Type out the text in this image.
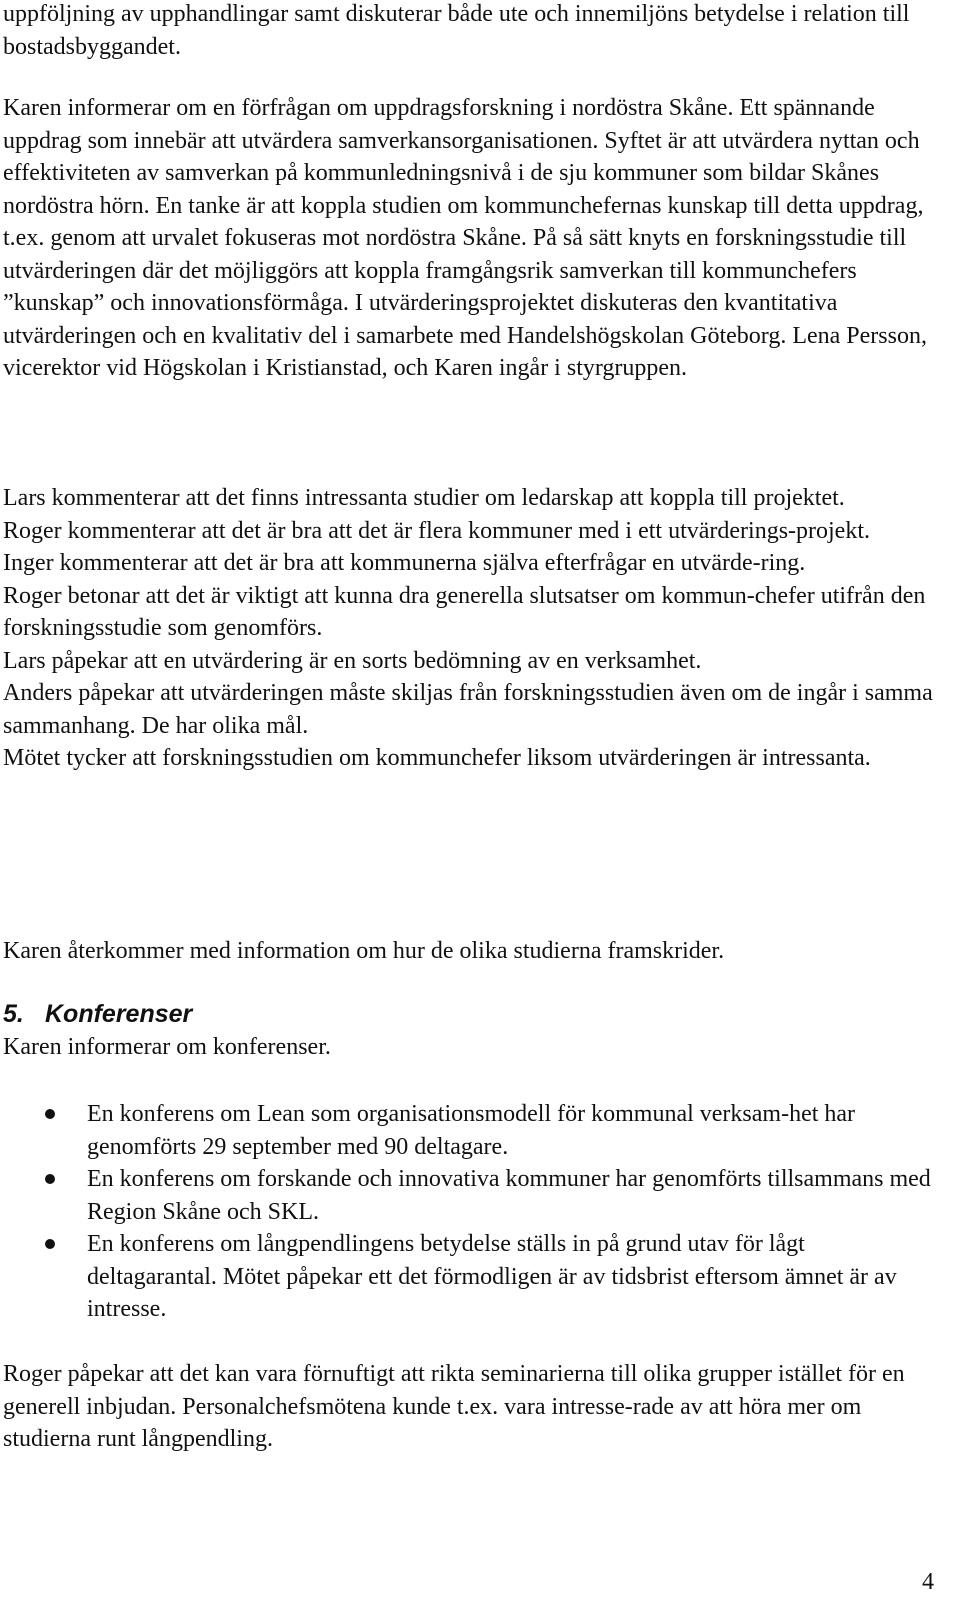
uppföljning av upphandlingar samt diskuterar både ute och innemiljöns betydelse i relation till bostadsbyggandet.

Karen informerar om en förfrågan om uppdragsforskning i nordöstra Skåne. Ett spännande uppdrag som innebär att utvärdera samverkansorganisationen. Syftet är att utvärdera nyttan och effektiviteten av samverkan på kommunledningsnivå i de sju kommuner som bildar Skånes nordöstra hörn. En tanke är att koppla studien om kommunchefernas kunskap till detta uppdrag, t.ex. genom att urvalet fokuseras mot nordöstra Skåne. På så sätt knyts en forskningsstudie till utvärderingen där det möjliggörs att koppla framgångsrik samverkan till kommunchefers ”kunskap” och innovationsförmåga. I utvärderingsprojektet diskuteras den kvantitativa utvärderingen och en kvalitativ del i samarbete med Handelshögskolan Göteborg. Lena Persson, vicerektor vid Högskolan i Kristianstad, och Karen ingår i styrgruppen.

Lars kommenterar att det finns intressanta studier om ledarskap att koppla till projektet.

Roger kommenterar att det är bra att det är flera kommuner med i ett utvärderings-projekt.

Inger kommenterar att det är bra att kommunerna själva efterfrågar en utvärde-ring.

Roger betonar att det är viktigt att kunna dra generella slutsatser om kommun-chefer utifrån den forskningsstudie som genomförs.

Lars påpekar att en utvärdering är en sorts bedömning av en verksamhet.

Anders påpekar att utvärderingen måste skiljas från forskningsstudien även om de ingår i samma sammanhang. De har olika mål.

Mötet tycker att forskningsstudien om kommunchefer liksom utvärderingen är intressanta.

Karen återkommer med information om hur de olika studierna framskrider.

5. Konferenser

Karen informerar om konferenser.

En konferens om Lean som organisationsmodell för kommunal verksam-het har genomförts 29 september med 90 deltagare.
En konferens om forskande och innovativa kommuner har genomförts tillsammans med Region Skåne och SKL.
En konferens om långpendlingens betydelse ställs in på grund utav för lågt deltagarantal. Mötet påpekar ett det förmodligen är av tidsbrist eftersom ämnet är av intresse.

Roger påpekar att det kan vara förnuftigt att rikta seminarierna till olika grupper istället för en generell inbjudan. Personalchefsmötena kunde t.ex. vara intresse-rade av att höra mer om studierna runt långpendling.

4
